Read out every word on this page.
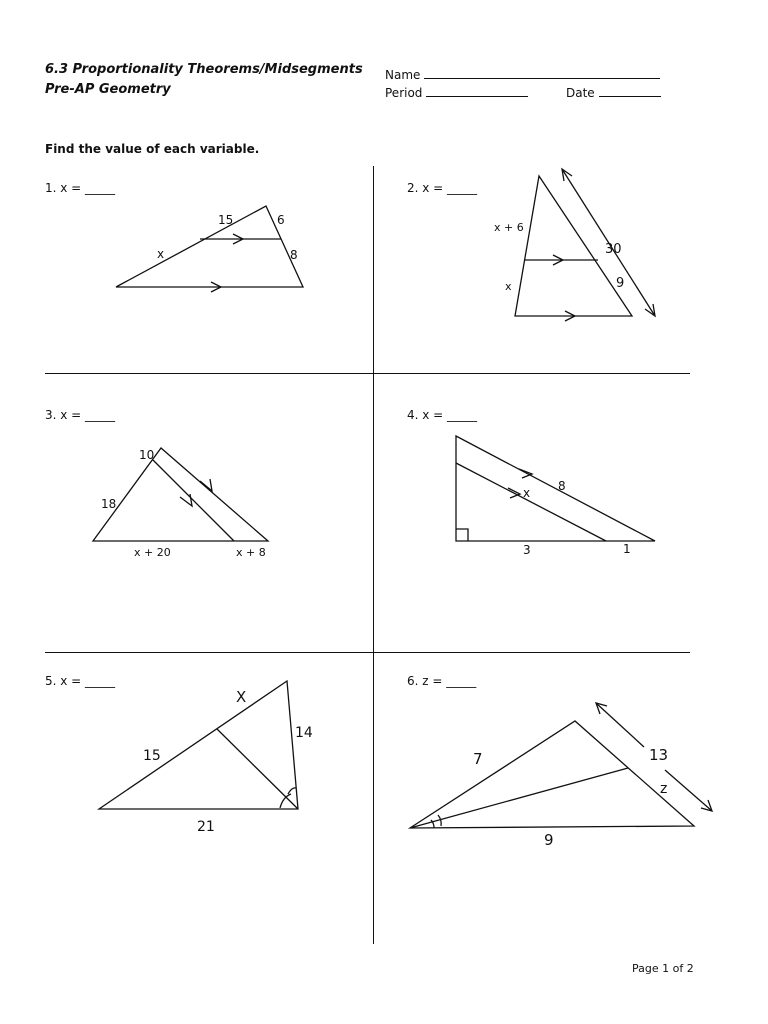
6.3 Proportionality Theorems/Midsegments
Pre-AP Geometry
Name
Period	Date
Find the value of each variable.
1. x = _____	2. x = _____
3. x = _____	4. x = _____
5. x = _____	6. z = _____
15	6
8
x
x + 6
x
30
9
10
18
x + 20	x + 8
8
x
3	1
X
15
14
21
7	13
z
9
Page 1 of 2
